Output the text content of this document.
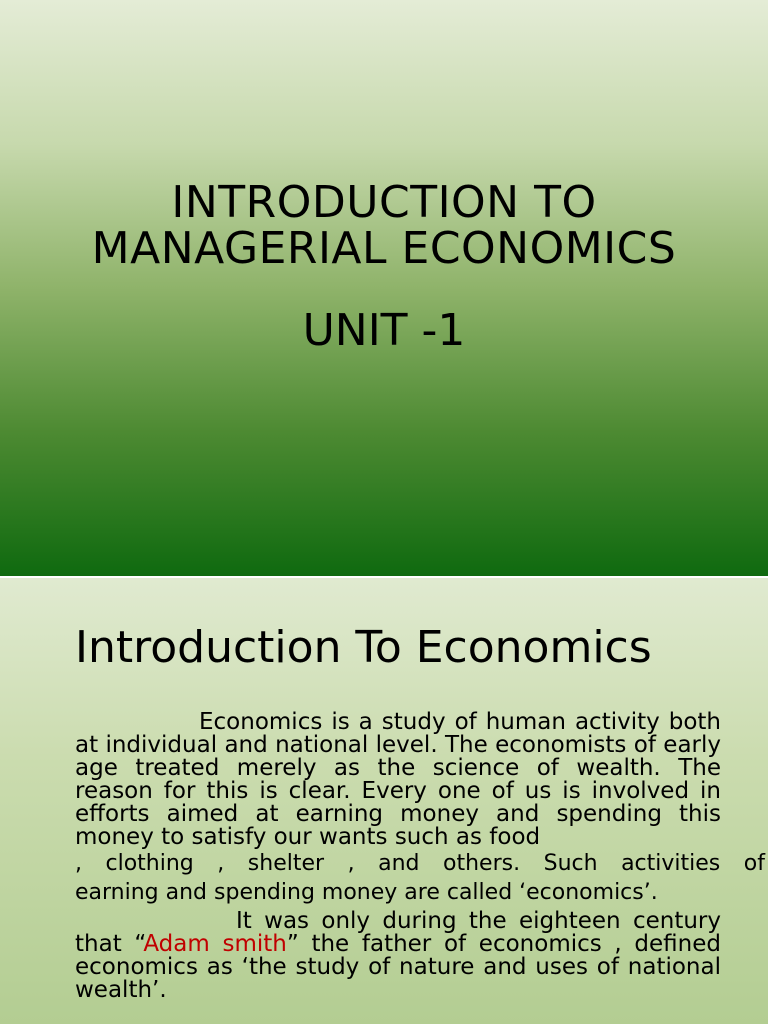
INTRODUCTION TO
MANAGERIAL ECONOMICS
UNIT -1
Introduction To Economics

Economics is a study of human activity both at individual and national level. The economists of early age treated merely as the science of wealth. The reason for this is clear. Every one of us is involved in efforts aimed at earning money and spending this money to satisfy our wants such as food

, clothing , shelter , and others. Such activities of

earning and spending money are called ‘economics’.

It was only during the eighteen century that “Adam smith” the father of economics , defined economics as ‘the study of nature and uses of national wealth’.
